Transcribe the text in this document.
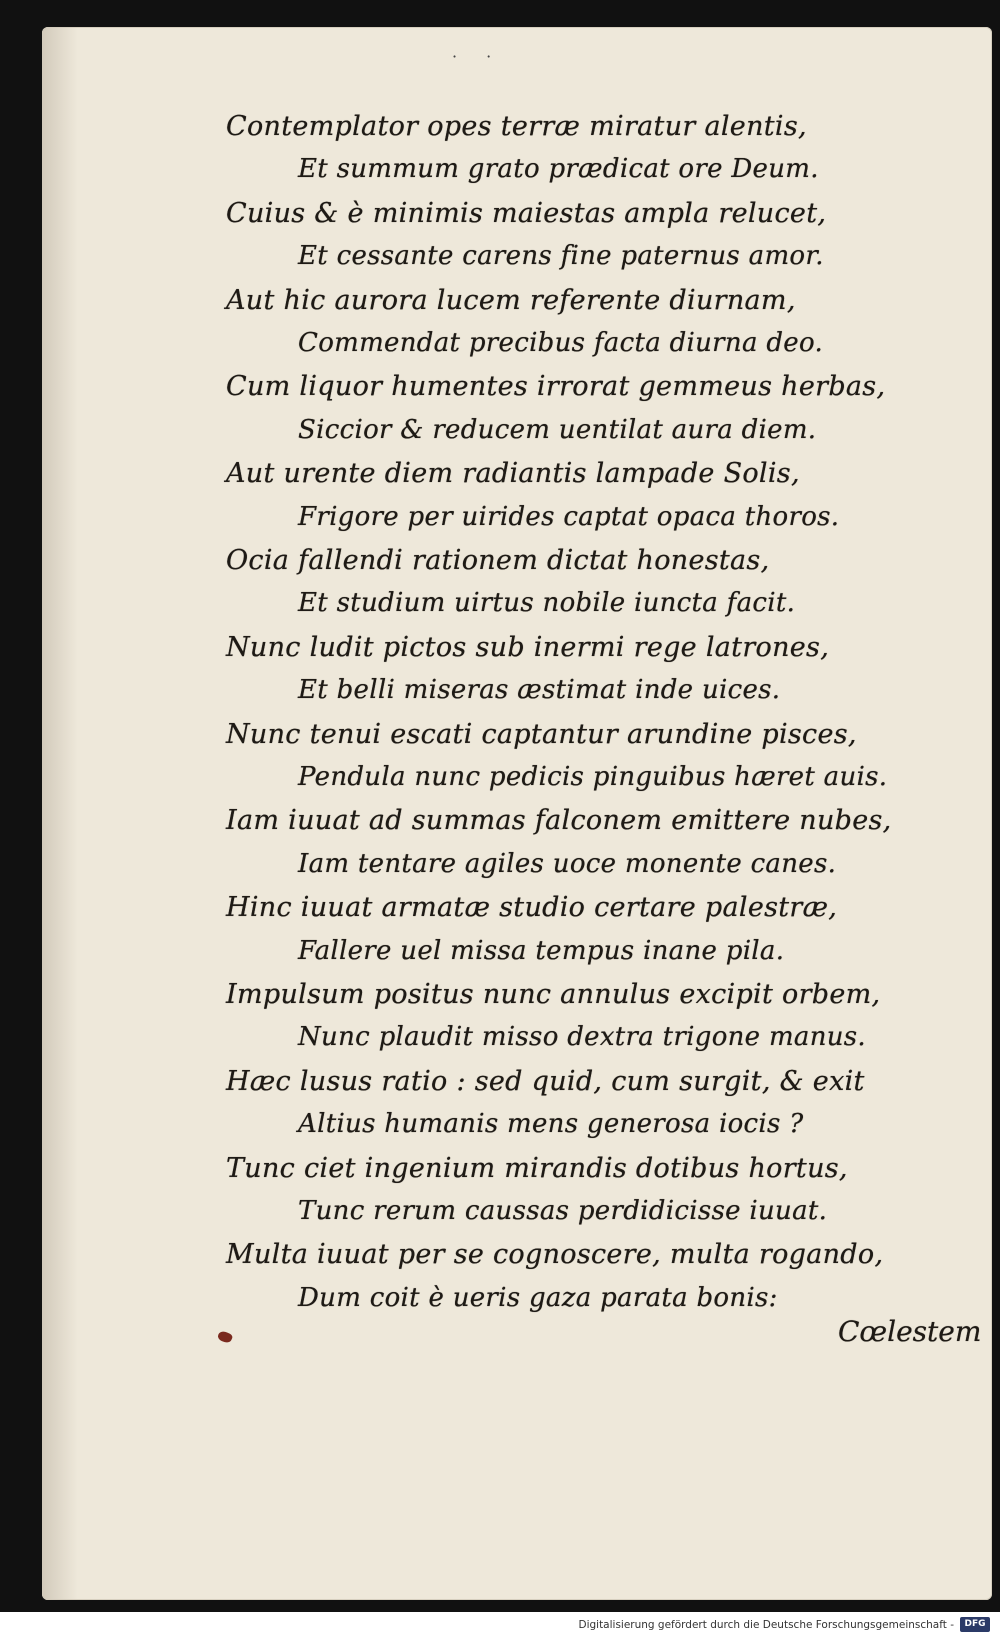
· ·
Contemplator opes terræ miratur alentis,
Et summum grato prædicat ore Deum.
Cuius & è minimis maiestas ampla relucet,
Et cessante carens fine paternus amor.
Aut hic aurora lucem referente diurnam,
Commendat precibus facta diurna deo.
Cum liquor humentes irrorat gemmeus herbas,
Siccior & reducem uentilat aura diem.
Aut urente diem radiantis lampade Solis,
Frigore per uirides captat opaca thoros.
Ocia fallendi rationem dictat honestas,
Et studium uirtus nobile iuncta facit.
Nunc ludit pictos sub inermi rege latrones,
Et belli miseras æstimat inde uices.
Nunc tenui escati captantur arundine pisces,
Pendula nunc pedicis pinguibus hæret auis.
Iam iuuat ad summas falconem emittere nubes,
Iam tentare agiles uoce monente canes.
Hinc iuuat armatæ studio certare palestræ,
Fallere uel missa tempus inane pila.
Impulsum positus nunc annulus excipit orbem,
Nunc plaudit misso dextra trigone manus.
Hæc lusus ratio : sed quid, cum surgit, & exit
Altius humanis mens generosa iocis ?
Tunc ciet ingenium mirandis dotibus hortus,
Tunc rerum caussas perdidicisse iuuat.
Multa iuuat per se cognoscere, multa rogando,
Dum coit è ueris gaza parata bonis:
Cœlestem
Digitalisierung gefördert durch die Deutsche Forschungsgemeinschaft -	DFG
